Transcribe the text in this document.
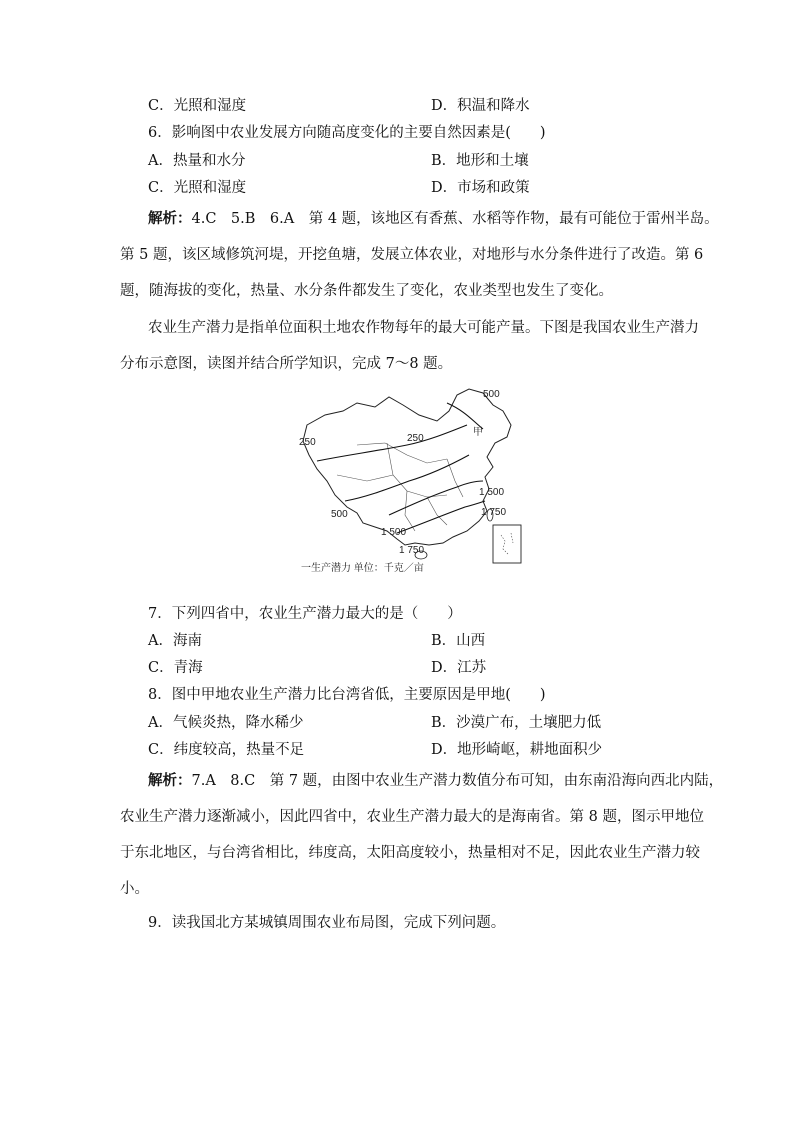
C．光照和湿度	D．积温和降水
6．影响图中农业发展方向随高度变化的主要自然因素是(　　)
A．热量和水分	B．地形和土壤
C．光照和湿度	D．市场和政策
解析：4.C　5.B　6.A　第 4 题，该地区有香蕉、水稻等作物，最有可能位于雷州半岛。
第 5 题，该区域修筑河堤，开挖鱼塘，发展立体农业，对地形与水分条件进行了改造。第 6
题，随海拔的变化，热量、水分条件都发生了变化，农业类型也发生了变化。
农业生产潜力是指单位面积土地农作物每年的最大可能产量。下图是我国农业生产潜力
分布示意图，读图并结合所学知识，完成 7～8 题。
500
250
甲
250
1 500
500	1 750
1 500
1 750
一生产潜力 单位：千克／亩
7．下列四省中，农业生产潜力最大的是（　　）
A．海南	B．山西
C．青海	D．江苏
8．图中甲地农业生产潜力比台湾省低，主要原因是甲地(　　)
A．气候炎热，降水稀少	B．沙漠广布，土壤肥力低
C．纬度较高，热量不足	D．地形崎岖，耕地面积少
解析：7.A　8.C　第 7 题，由图中农业生产潜力数值分布可知，由东南沿海向西北内陆，
农业生产潜力逐渐减小，因此四省中，农业生产潜力最大的是海南省。第 8 题，图示甲地位
于东北地区，与台湾省相比，纬度高，太阳高度较小，热量相对不足，因此农业生产潜力较
小。
9．读我国北方某城镇周围农业布局图，完成下列问题。
